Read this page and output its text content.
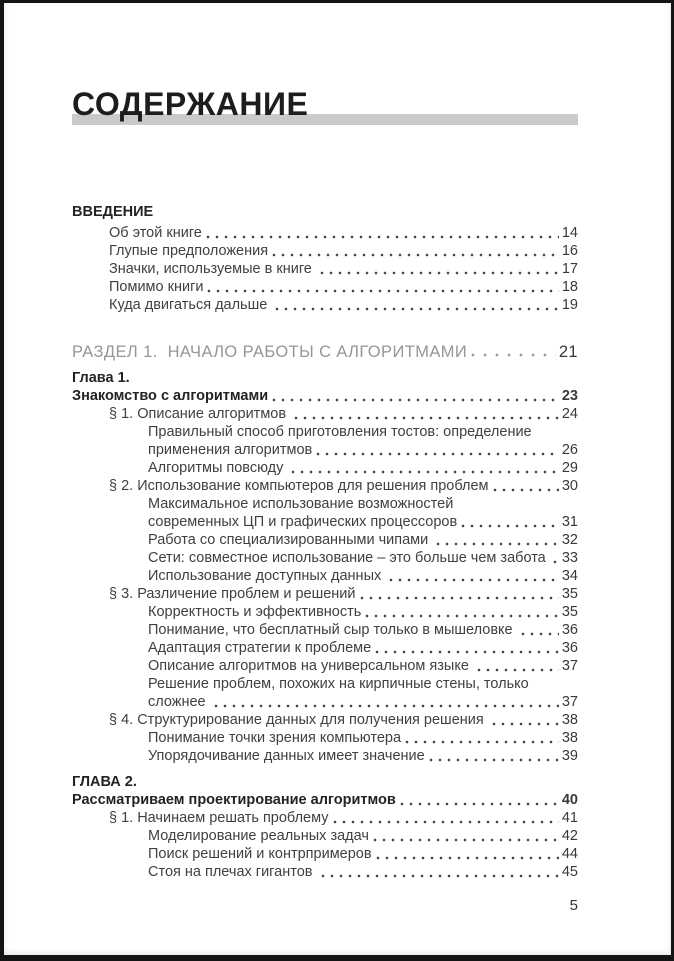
СОДЕРЖАНИЕ
ВВЕДЕНИЕ
Об этой книге	14
Глупые предположения	16
Значки, используемые в книге	17
Помимо книги	18
Куда двигаться дальше	19
РАЗДЕЛ 1.  НАЧАЛО РАБОТЫ С АЛГОРИТМАМИ	21
Глава 1.
Знакомство с алгоритмами	23
§ 1. Описание алгоритмов	24
Правильный способ приготовления тостов: определение
применения алгоритмов	26
Алгоритмы повсюду	29
§ 2. Использование компьютеров для решения проблем	30
Максимальное использование возможностей
современных ЦП и графических процессоров	31
Работа со специализированными чипами	32
Сети: совместное использование – это больше чем забота 33
Использование доступных данных	34
§ 3. Различение проблем и решений	35
Корректность и эффективность	35
Понимание, что бесплатный сыр только в мышеловке	36
Адаптация стратегии к проблеме	36
Описание алгоритмов на универсальном языке	37
Решение проблем, похожих на кирпичные стены, только
сложнее	37
§ 4. Структурирование данных для получения решения	38
Понимание точки зрения компьютера	38
Упорядочивание данных имеет значение	39
ГЛАВА 2.
Рассматриваем проектирование алгоритмов	40
§ 1. Начинаем решать проблему	41
Моделирование реальных задач	42
Поиск решений и контрпримеров	44
Стоя на плечах гигантов	45
5
